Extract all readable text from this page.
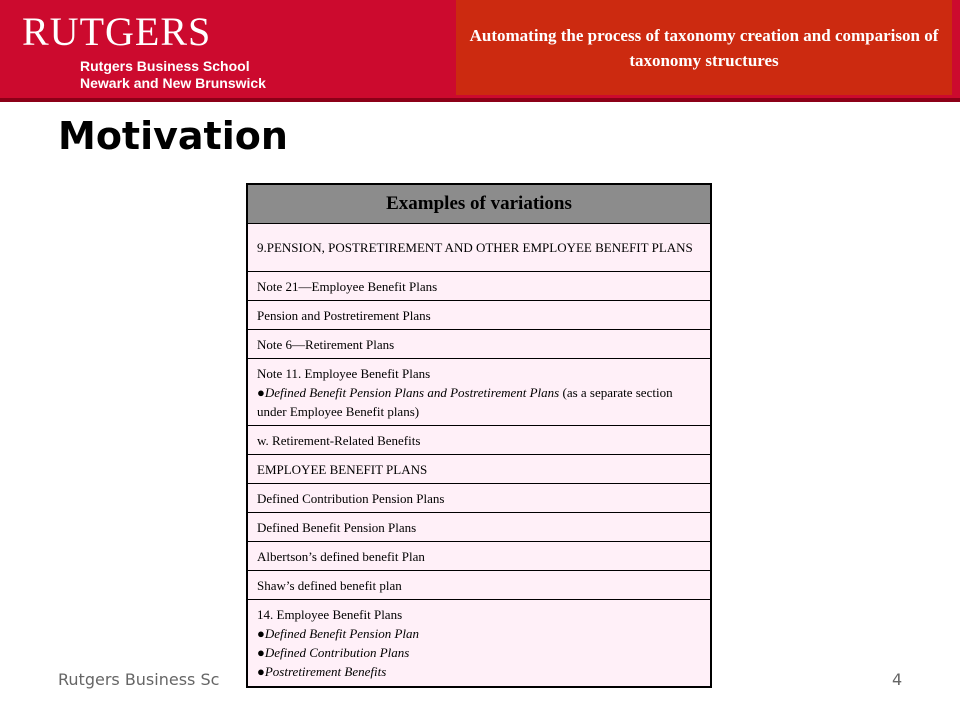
RUTGERS
Rutgers Business School
Newark and New Brunswick
Automating the process of taxonomy creation and comparison of taxonomy structures
Motivation
Examples of variations
9.PENSION, POSTRETIREMENT AND OTHER EMPLOYEE BENEFIT PLANS
Note 21—Employee Benefit Plans
Pension and Postretirement Plans
Note 6—Retirement Plans
Note 11. Employee Benefit Plans
●Defined Benefit Pension Plans and Postretirement Plans (as a separate section under Employee Benefit plans)
w. Retirement-Related Benefits
EMPLOYEE BENEFIT PLANS
Defined Contribution Pension Plans
Defined Benefit Pension Plans
Albertson’s defined benefit Plan
Shaw’s defined benefit plan
14. Employee Benefit Plans
●Defined Benefit Pension Plan
●Defined Contribution Plans
●Postretirement Benefits
Rutgers Business Sc	4
